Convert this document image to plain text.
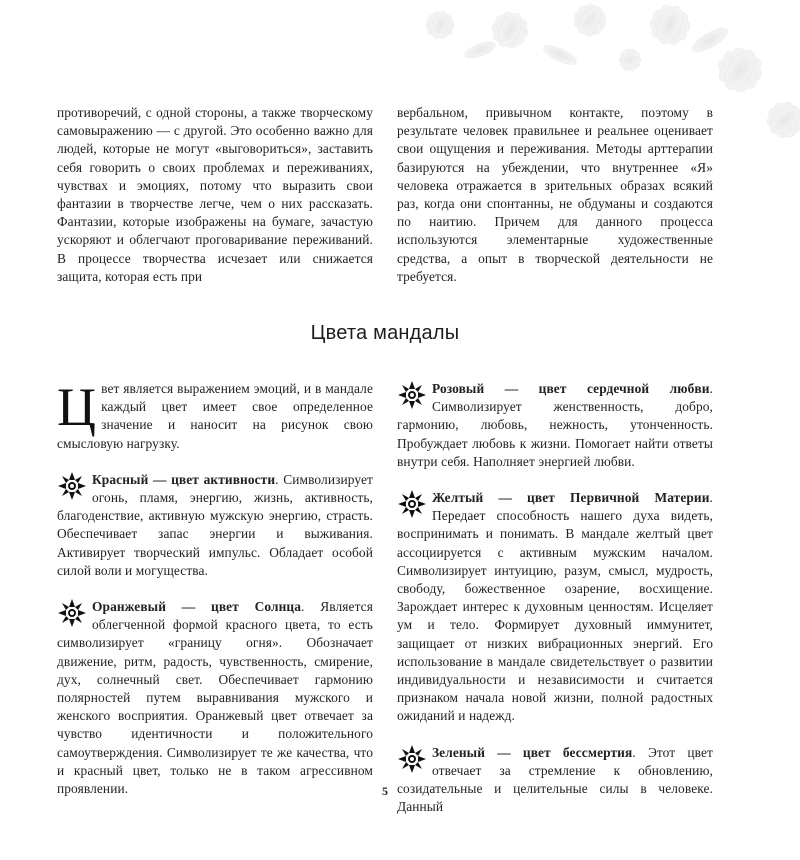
противоречий, с одной стороны, а также творческому самовыражению — с другой. Это особенно важно для людей, которые не могут «выговориться», заставить себя говорить о своих проблемах и переживаниях, чувствах и эмоциях, потому что выразить свои фантазии в творчестве легче, чем о них рассказать. Фантазии, которые изображены на бумаге, зачастую ускоряют и облегчают проговаривание переживаний. В процессе творчества исчезает или снижается защита, которая есть при
вербальном, привычном контакте, поэтому в результате человек правильнее и реальнее оценивает свои ощущения и переживания. Методы арттерапии базируются на убеждении, что внутреннее «Я» человека отражается в зрительных образах всякий раз, когда они спонтанны, не обдуманы и создаются по наитию. Причем для данного процесса используются элементарные художественные средства, а опыт в творческой деятельности не требуется.
Цвета мандалы

Цвет является выражением эмоций, и в мандале каждый цвет имеет свое определенное значение и наносит на рисунок свою смысловую нагрузку.

Красный — цвет активности. Символизирует огонь, пламя, энергию, жизнь, активность, благоденствие, активную мужскую энергию, страсть. Обеспечивает запас энергии и выживания. Активирует творческий импульс. Обладает особой силой воли и могущества.

Оранжевый — цвет Солнца. Является облегченной формой красного цвета, то есть символизирует «границу огня». Обозначает движение, ритм, радость, чувственность, смирение, дух, солнечный свет. Обеспечивает гармонию полярностей путем выравнивания мужского и женского восприятия. Оранжевый цвет отвечает за чувство идентичности и положительного самоутверждения. Символизирует те же качества, что и красный цвет, только не в таком агрессивном проявлении.

Розовый — цвет сердечной любви. Символизирует женственность, добро, гармонию, любовь, нежность, утонченность. Пробуждает любовь к жизни. Помогает найти ответы внутри себя. Наполняет энергией любви.

Желтый — цвет Первичной Материи. Передает способность нашего духа видеть, воспринимать и понимать. В мандале желтый цвет ассоциируется с активным мужским началом. Символизирует интуицию, разум, смысл, мудрость, свободу, божественное озарение, восхищение. Зарождает интерес к духовным ценностям. Исцеляет ум и тело. Формирует духовный иммунитет, защищает от низких вибрационных энергий. Его использование в мандале свидетельствует о развитии индивидуальности и независимости и считается признаком начала новой жизни, полной радостных ожиданий и надежд.

Зеленый — цвет бессмертия. Этот цвет отвечает за стремление к обновлению, созидательные и целительные силы в человеке. Данный

5
